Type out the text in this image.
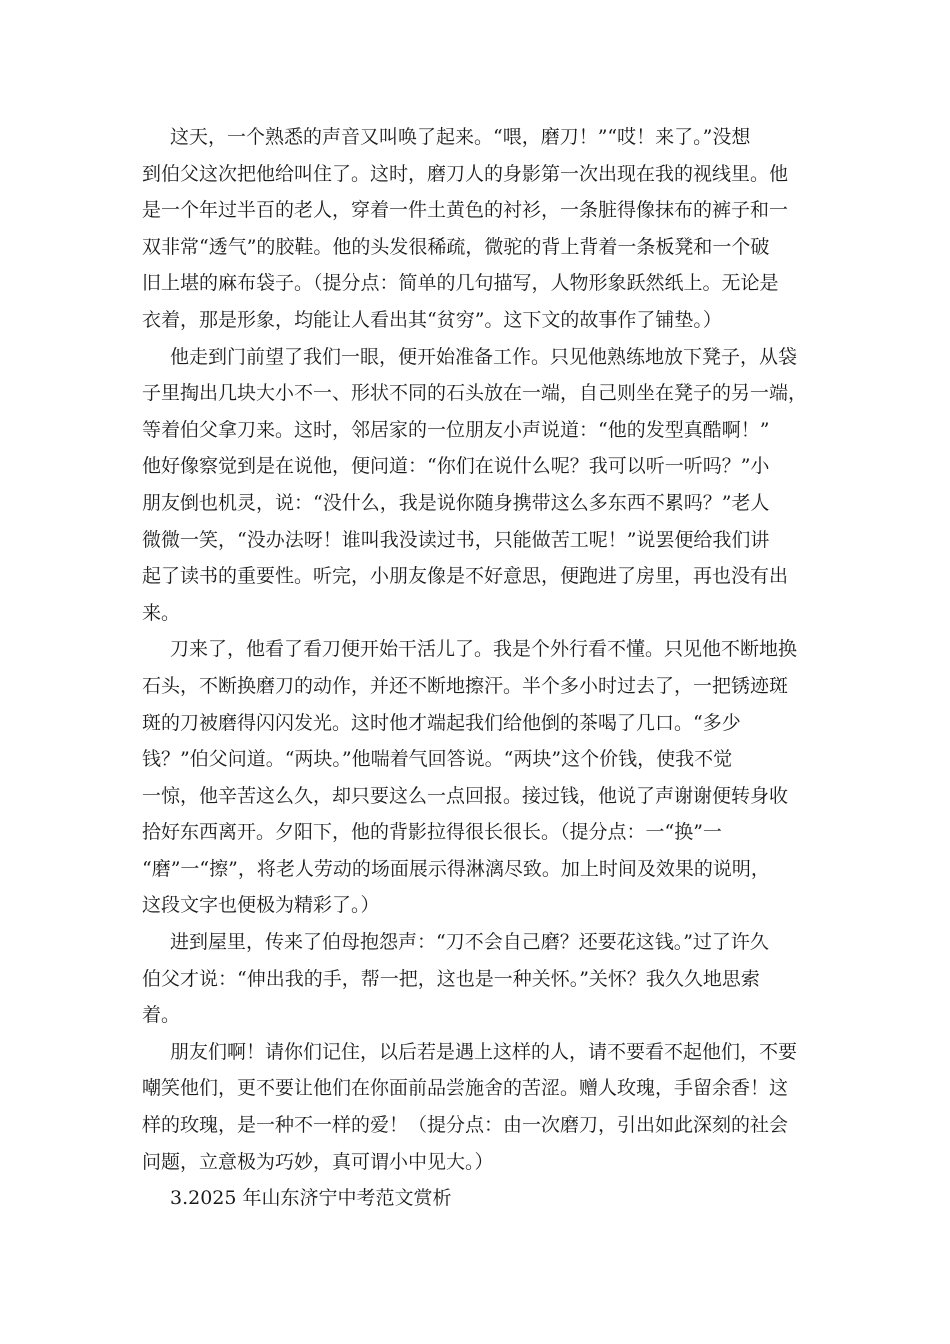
这天，一个熟悉的声音又叫唤了起来。“喂，磨刀！”“哎！来了。”没想
到伯父这次把他给叫住了。这时，磨刀人的身影第一次出现在我的视线里。他
是一个年过半百的老人，穿着一件土黄色的衬衫，一条脏得像抹布的裤子和一
双非常“透气”的胶鞋。他的头发很稀疏，微驼的背上背着一条板凳和一个破
旧上堪的麻布袋子。（提分点：简单的几句描写，人物形象跃然纸上。无论是
衣着，那是形象，均能让人看出其“贫穷”。这下文的故事作了铺垫。）
他走到门前望了我们一眼，便开始准备工作。只见他熟练地放下凳子，从袋
子里掏出几块大小不一、形状不同的石头放在一端，自己则坐在凳子的另一端，
等着伯父拿刀来。这时，邻居家的一位朋友小声说道：“他的发型真酷啊！”
他好像察觉到是在说他，便问道：“你们在说什么呢？我可以听一听吗？”小
朋友倒也机灵，说：“没什么，我是说你随身携带这么多东西不累吗？”老人
微微一笑，“没办法呀！谁叫我没读过书，只能做苦工呢！”说罢便给我们讲
起了读书的重要性。听完，小朋友像是不好意思，便跑进了房里，再也没有出
来。
刀来了，他看了看刀便开始干活儿了。我是个外行看不懂。只见他不断地换
石头，不断换磨刀的动作，并还不断地擦汗。半个多小时过去了，一把锈迹斑
斑的刀被磨得闪闪发光。这时他才端起我们给他倒的茶喝了几口。“多少
钱？”伯父问道。“两块。”他喘着气回答说。“两块”这个价钱，使我不觉
一惊，他辛苦这么久，却只要这么一点回报。接过钱，他说了声谢谢便转身收
拾好东西离开。夕阳下，他的背影拉得很长很长。（提分点：一“换”一
“磨”一“擦”，将老人劳动的场面展示得淋漓尽致。加上时间及效果的说明，
这段文字也便极为精彩了。）
进到屋里，传来了伯母抱怨声：“刀不会自己磨？还要花这钱。”过了许久
伯父才说：“伸出我的手，帮一把，这也是一种关怀。”关怀？我久久地思索
着。
朋友们啊！请你们记住，以后若是遇上这样的人，请不要看不起他们，不要
嘲笑他们，更不要让他们在你面前品尝施舍的苦涩。赠人玫瑰，手留余香！这
样的玫瑰，是一种不一样的爱！（提分点：由一次磨刀，引出如此深刻的社会
问题，立意极为巧妙，真可谓小中见大。）
3.2025 年山东济宁中考范文赏析
